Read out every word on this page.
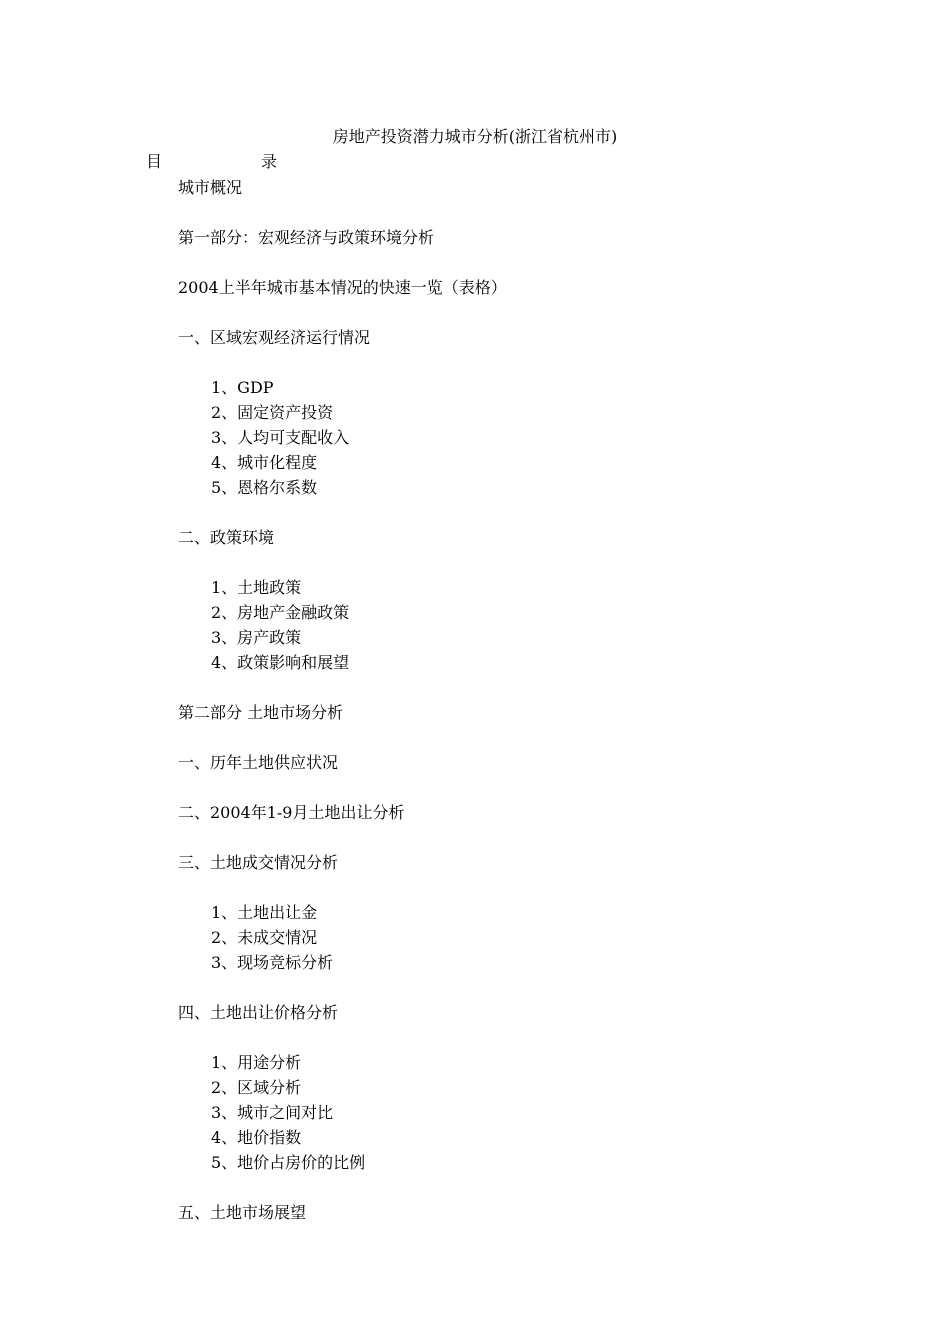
房地产投资潜力城市分析(浙江省杭州市)
目	录
城市概况
第一部分：宏观经济与政策环境分析
2004上半年城市基本情况的快速一览（表格）
一、区域宏观经济运行情况
1、GDP
2、固定资产投资
3、人均可支配收入
4、城市化程度
5、恩格尔系数
二、政策环境
1、土地政策
2、房地产金融政策
3、房产政策
4、政策影响和展望
第二部分 土地市场分析
一、历年土地供应状况
二、2004年1-9月土地出让分析
三、土地成交情况分析
1、土地出让金
2、未成交情况
3、现场竞标分析
四、土地出让价格分析
1、用途分析
2、区域分析
3、城市之间对比
4、地价指数
5、地价占房价的比例
五、土地市场展望
